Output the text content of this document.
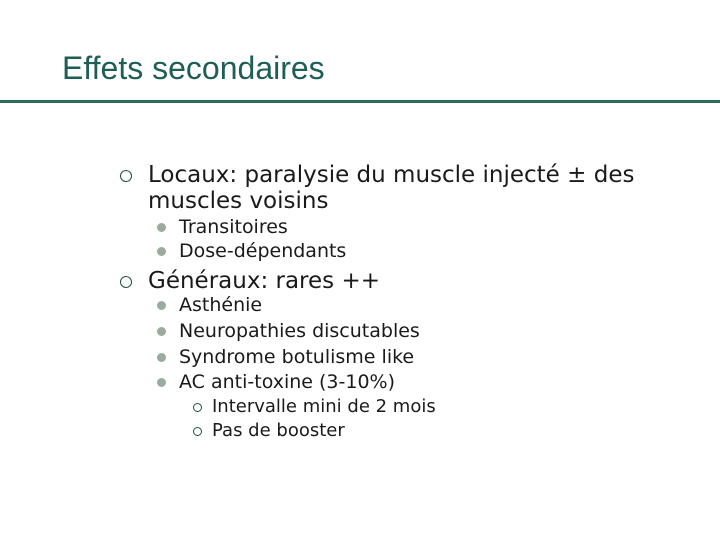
Effets secondaires
Locaux: paralysie du muscle injecté ± des muscles voisins
Transitoires
Dose-dépendants
Généraux: rares ++
Asthénie
Neuropathies discutables
Syndrome botulisme like
AC anti-toxine (3-10%)
Intervalle mini de 2 mois
Pas de booster
